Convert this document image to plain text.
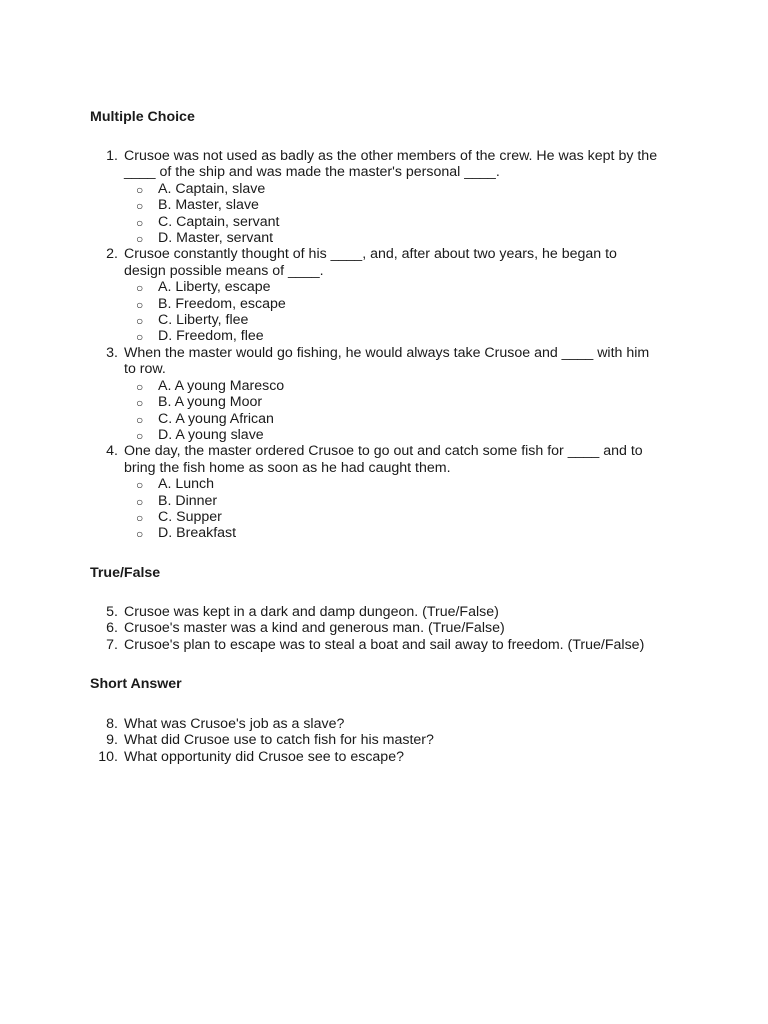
Multiple Choice
1. Crusoe was not used as badly as the other members of the crew. He was kept by the ____ of the ship and was made the master's personal ____.
○ A. Captain, slave
○ B. Master, slave
○ C. Captain, servant
○ D. Master, servant
2. Crusoe constantly thought of his ____, and, after about two years, he began to design possible means of ____.
○ A. Liberty, escape
○ B. Freedom, escape
○ C. Liberty, flee
○ D. Freedom, flee
3. When the master would go fishing, he would always take Crusoe and ____ with him to row.
○ A. A young Maresco
○ B. A young Moor
○ C. A young African
○ D. A young slave
4. One day, the master ordered Crusoe to go out and catch some fish for ____ and to bring the fish home as soon as he had caught them.
○ A. Lunch
○ B. Dinner
○ C. Supper
○ D. Breakfast
True/False
5. Crusoe was kept in a dark and damp dungeon. (True/False)
6. Crusoe's master was a kind and generous man. (True/False)
7. Crusoe's plan to escape was to steal a boat and sail away to freedom. (True/False)
Short Answer
8. What was Crusoe's job as a slave?
9. What did Crusoe use to catch fish for his master?
10. What opportunity did Crusoe see to escape?
